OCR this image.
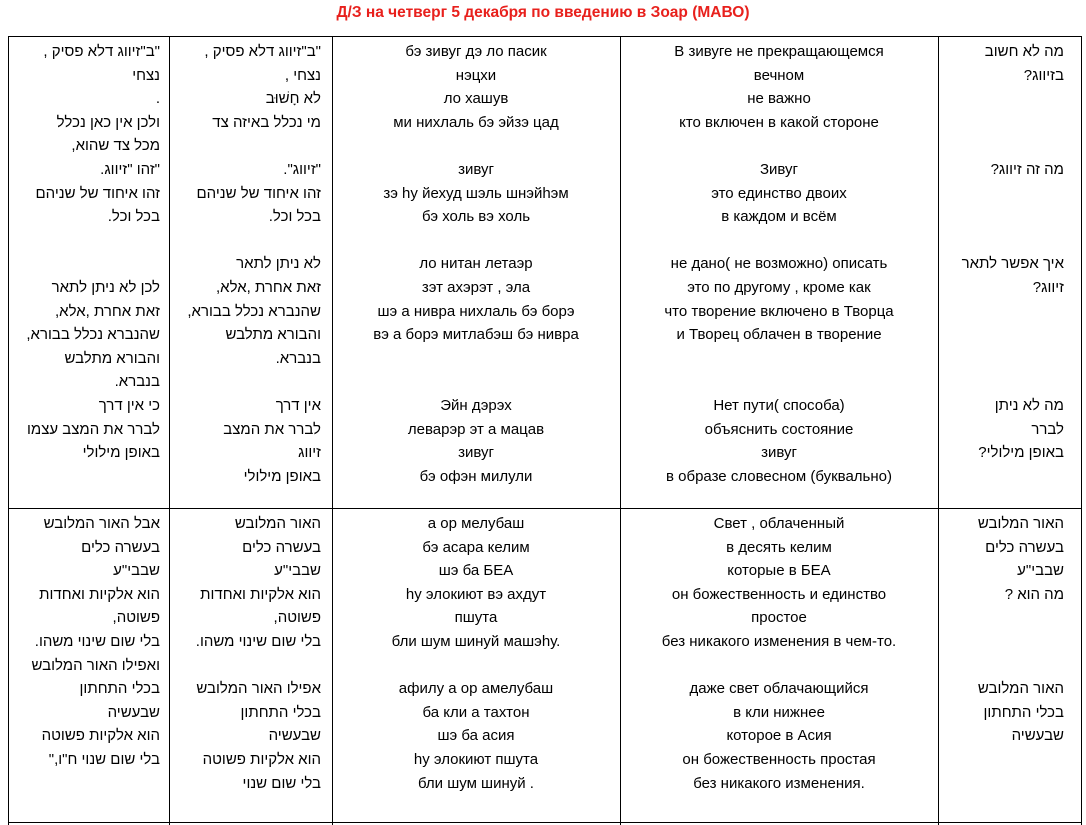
Д/З на четверг 5 декабря по введению в Зоар (МАВО)
"ב"זיווג דלא פסיק ,
נצחי
.
ולכן אין כאן נכלל
מכל צד שהוא,
"זהו "זיווג.
זהו איחוד של שניהם
בכל וכל.
לכן לא ניתן לתאר
זאת אחרת ,אלא,
שהנברא נכלל בבורא,
והבורא מתלבש
בנברא.
כי אין דרך
לברר את המצב עצמו
באופן מילולי
"ב"זיווג דלא פסיק ,
נצחי ,
לא חָשׁוּב
מי נכלל באיזה צד
"זיווג".
זהו איחוד של שניהם
בכל וכל.
לא ניתן לתאר
זאת אחרת ,אלא,
שהנברא נכלל בבורא,
והבורא מתלבש
בנברא.
אין דרך
לברר את המצב
זיווג
באופן מילולי
бэ зивуг дэ ло пасик
нэцхи
ло хашув
ми нихлаль бэ эйзэ цад
зивуг
зэ hу йехуд шэль шнэйhэм
бэ холь вэ холь
ло нитан летаэр
зэт ахэрэт , эла
шэ а нивра нихлаль бэ борэ
вэ а борэ митлабэш бэ нивра
Эйн дэрэх
леварэр эт а мацав
зивуг
бэ офэн милули
В зивуге не прекращающемся
вечном
не важно
кто включен в какой стороне
Зивуг
это единство двоих
в каждом и всём
не дано( не возможно) описать
это по другому , кроме как
что творение включено в Творца
и Творец облачен в творение
Нет пути( способа)
объяснить состояние
зивуг
в образе словесном (буквально)
מה לא חשוב
בזיווג?
מה זה זיווג?
איך אפשר לתאר
זיווג?
מה לא ניתן
לברר
באופן מילולי?
אבל האור המלובש
בעשרה כלים
שבבי"ע
הוא אלקיות ואחדות
פשוטה,
בלי שום שינוי משהו.
ואפילו האור המלובש
בכלי התחתון
שבעשיה
הוא אלקיות פשוטה
בלי שום שנוי ח"ו,"
האור המלובש
בעשרה כלים
שבבי"ע
הוא אלקיות ואחדות
פשוטה,
בלי שום שינוי משהו.
אפילו האור המלובש
בכלי התחתון
שבעשיה
הוא אלקיות פשוטה
בלי שום שנוי
а ор мелубаш
бэ асара келим
шэ ба БЕА
hу элокиют вэ ахдут
пшута
бли шум шинуй машэhу.
афилу а ор амелубаш
ба кли а тахтон
шэ ба асия
hу элокиют пшута
бли шум шинуй .
Свет , облаченный
в десять келим
которые в БЕА
он божественность и единство
простое
без никакого изменения в чем-то.
даже свет облачающийся
в кли нижнее
которое в Асия
он божественность простая
без никакого изменения.
האור המלובש
בעשרה כלים
שבבי"ע
מה הוא ?
האור המלובש
בכלי התחתון
שבעשיה
